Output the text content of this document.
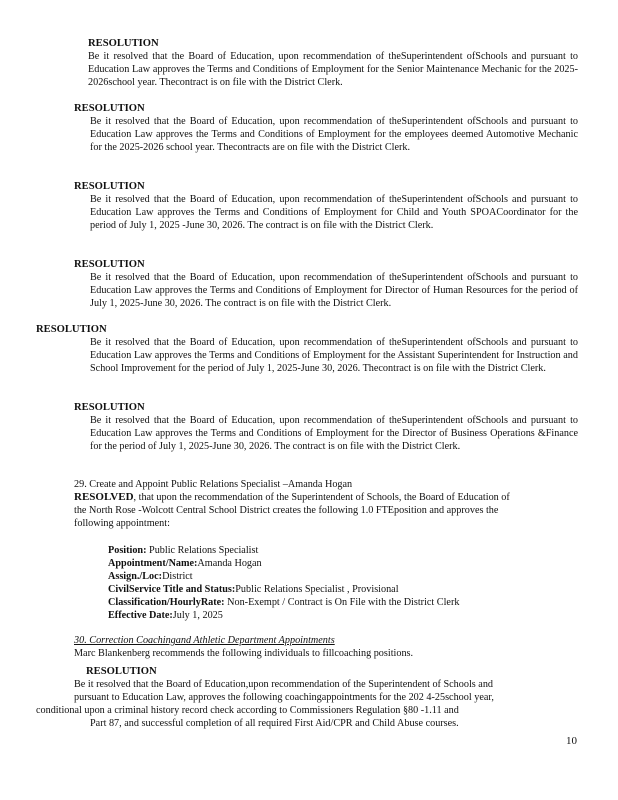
RESOLUTION
Be it resolved that the Board of Education, upon recommendation of theSuperintendent ofSchools and pursuant to Education Law approves the Terms and Conditions of Employment for the Senior Maintenance Mechanic for the 2025-2026school year. Thecontract is on file with the District Clerk.
RESOLUTION
Be it resolved that the Board of Education, upon recommendation of theSuperintendent ofSchools and pursuant to Education Law approves the Terms and Conditions of Employment for the employees deemed Automotive Mechanic for the 2025-2026 school year. Thecontracts are on file with the District Clerk.
RESOLUTION
Be it resolved that the Board of Education, upon recommendation of theSuperintendent ofSchools and pursuant to Education Law approves the Terms and Conditions of Employment for Child and Youth SPOACoordinator for the period of July 1, 2025 -June 30, 2026. The contract is on file with the District Clerk.
RESOLUTION
Be it resolved that the Board of Education, upon recommendation of theSuperintendent ofSchools and pursuant to Education Law approves the Terms and Conditions of Employment for Director of Human Resources for the period of July 1, 2025-June 30, 2026. The contract is on file with the District Clerk.
RESOLUTION
Be it resolved that the Board of Education, upon recommendation of theSuperintendent ofSchools and pursuant to Education Law approves the Terms and Conditions of Employment for the Assistant Superintendent for Instruction and School Improvement for the period of July 1, 2025-June 30, 2026. Thecontract is on file with the District Clerk.
RESOLUTION
Be it resolved that the Board of Education, upon recommendation of theSuperintendent ofSchools and pursuant to Education Law approves the Terms and Conditions of Employment for the Director of Business Operations &Finance for the period of July 1, 2025-June 30, 2026. The contract is on file with the District Clerk.
29. Create and Appoint Public Relations Specialist –Amanda Hogan
RESOLVED, that upon the recommendation of the Superintendent of Schools, the Board of Education of
the North Rose -Wolcott Central School District creates the following 1.0 FTEposition and approves the
following appointment:
Position: Public Relations Specialist
Appointment/Name:Amanda Hogan
Assign./Loc:District
CivilService Title and Status:Public Relations Specialist , Provisional
Classification/HourlyRate: Non-Exempt / Contract is On File with the District Clerk
Effective Date:July 1, 2025
30. Correction Coachingand Athletic Department Appointments
Marc Blankenberg recommends the following individuals to fillcoaching positions.
RESOLUTION
Be it resolved that the Board of Education,upon recommendation of the Superintendent of Schools and
pursuant to Education Law, approves the following coachingappointments for the 202 4-25school year,
conditional upon a criminal history record check according to Commissioners Regulation §80 -1.11 and
Part 87, and successful completion of all required First Aid/CPR and Child Abuse courses.
10
